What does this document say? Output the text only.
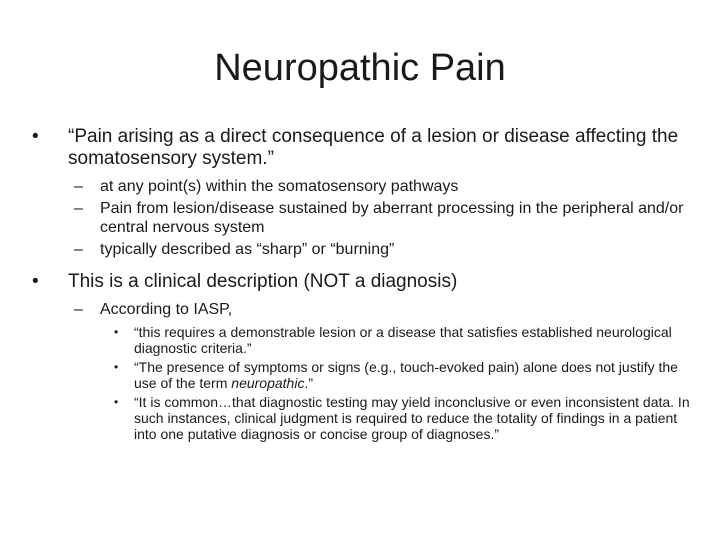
Neuropathic Pain
• “Pain arising as a direct consequence of a lesion or disease affecting the somatosensory system.”
– at any point(s) within the somatosensory pathways
– Pain from lesion/disease sustained by aberrant processing in the peripheral and/or central nervous system
– typically described as “sharp” or “burning”
• This is a clinical description (NOT a diagnosis)
– According to IASP,
• “this requires a demonstrable lesion or a disease that satisfies established neurological diagnostic criteria.”
• “The presence of symptoms or signs (e.g., touch-evoked pain) alone does not justify the use of the term neuropathic.”
• “It is common…that diagnostic testing may yield inconclusive or even inconsistent data. In such instances, clinical judgment is required to reduce the totality of findings in a patient into one putative diagnosis or concise group of diagnoses.”
